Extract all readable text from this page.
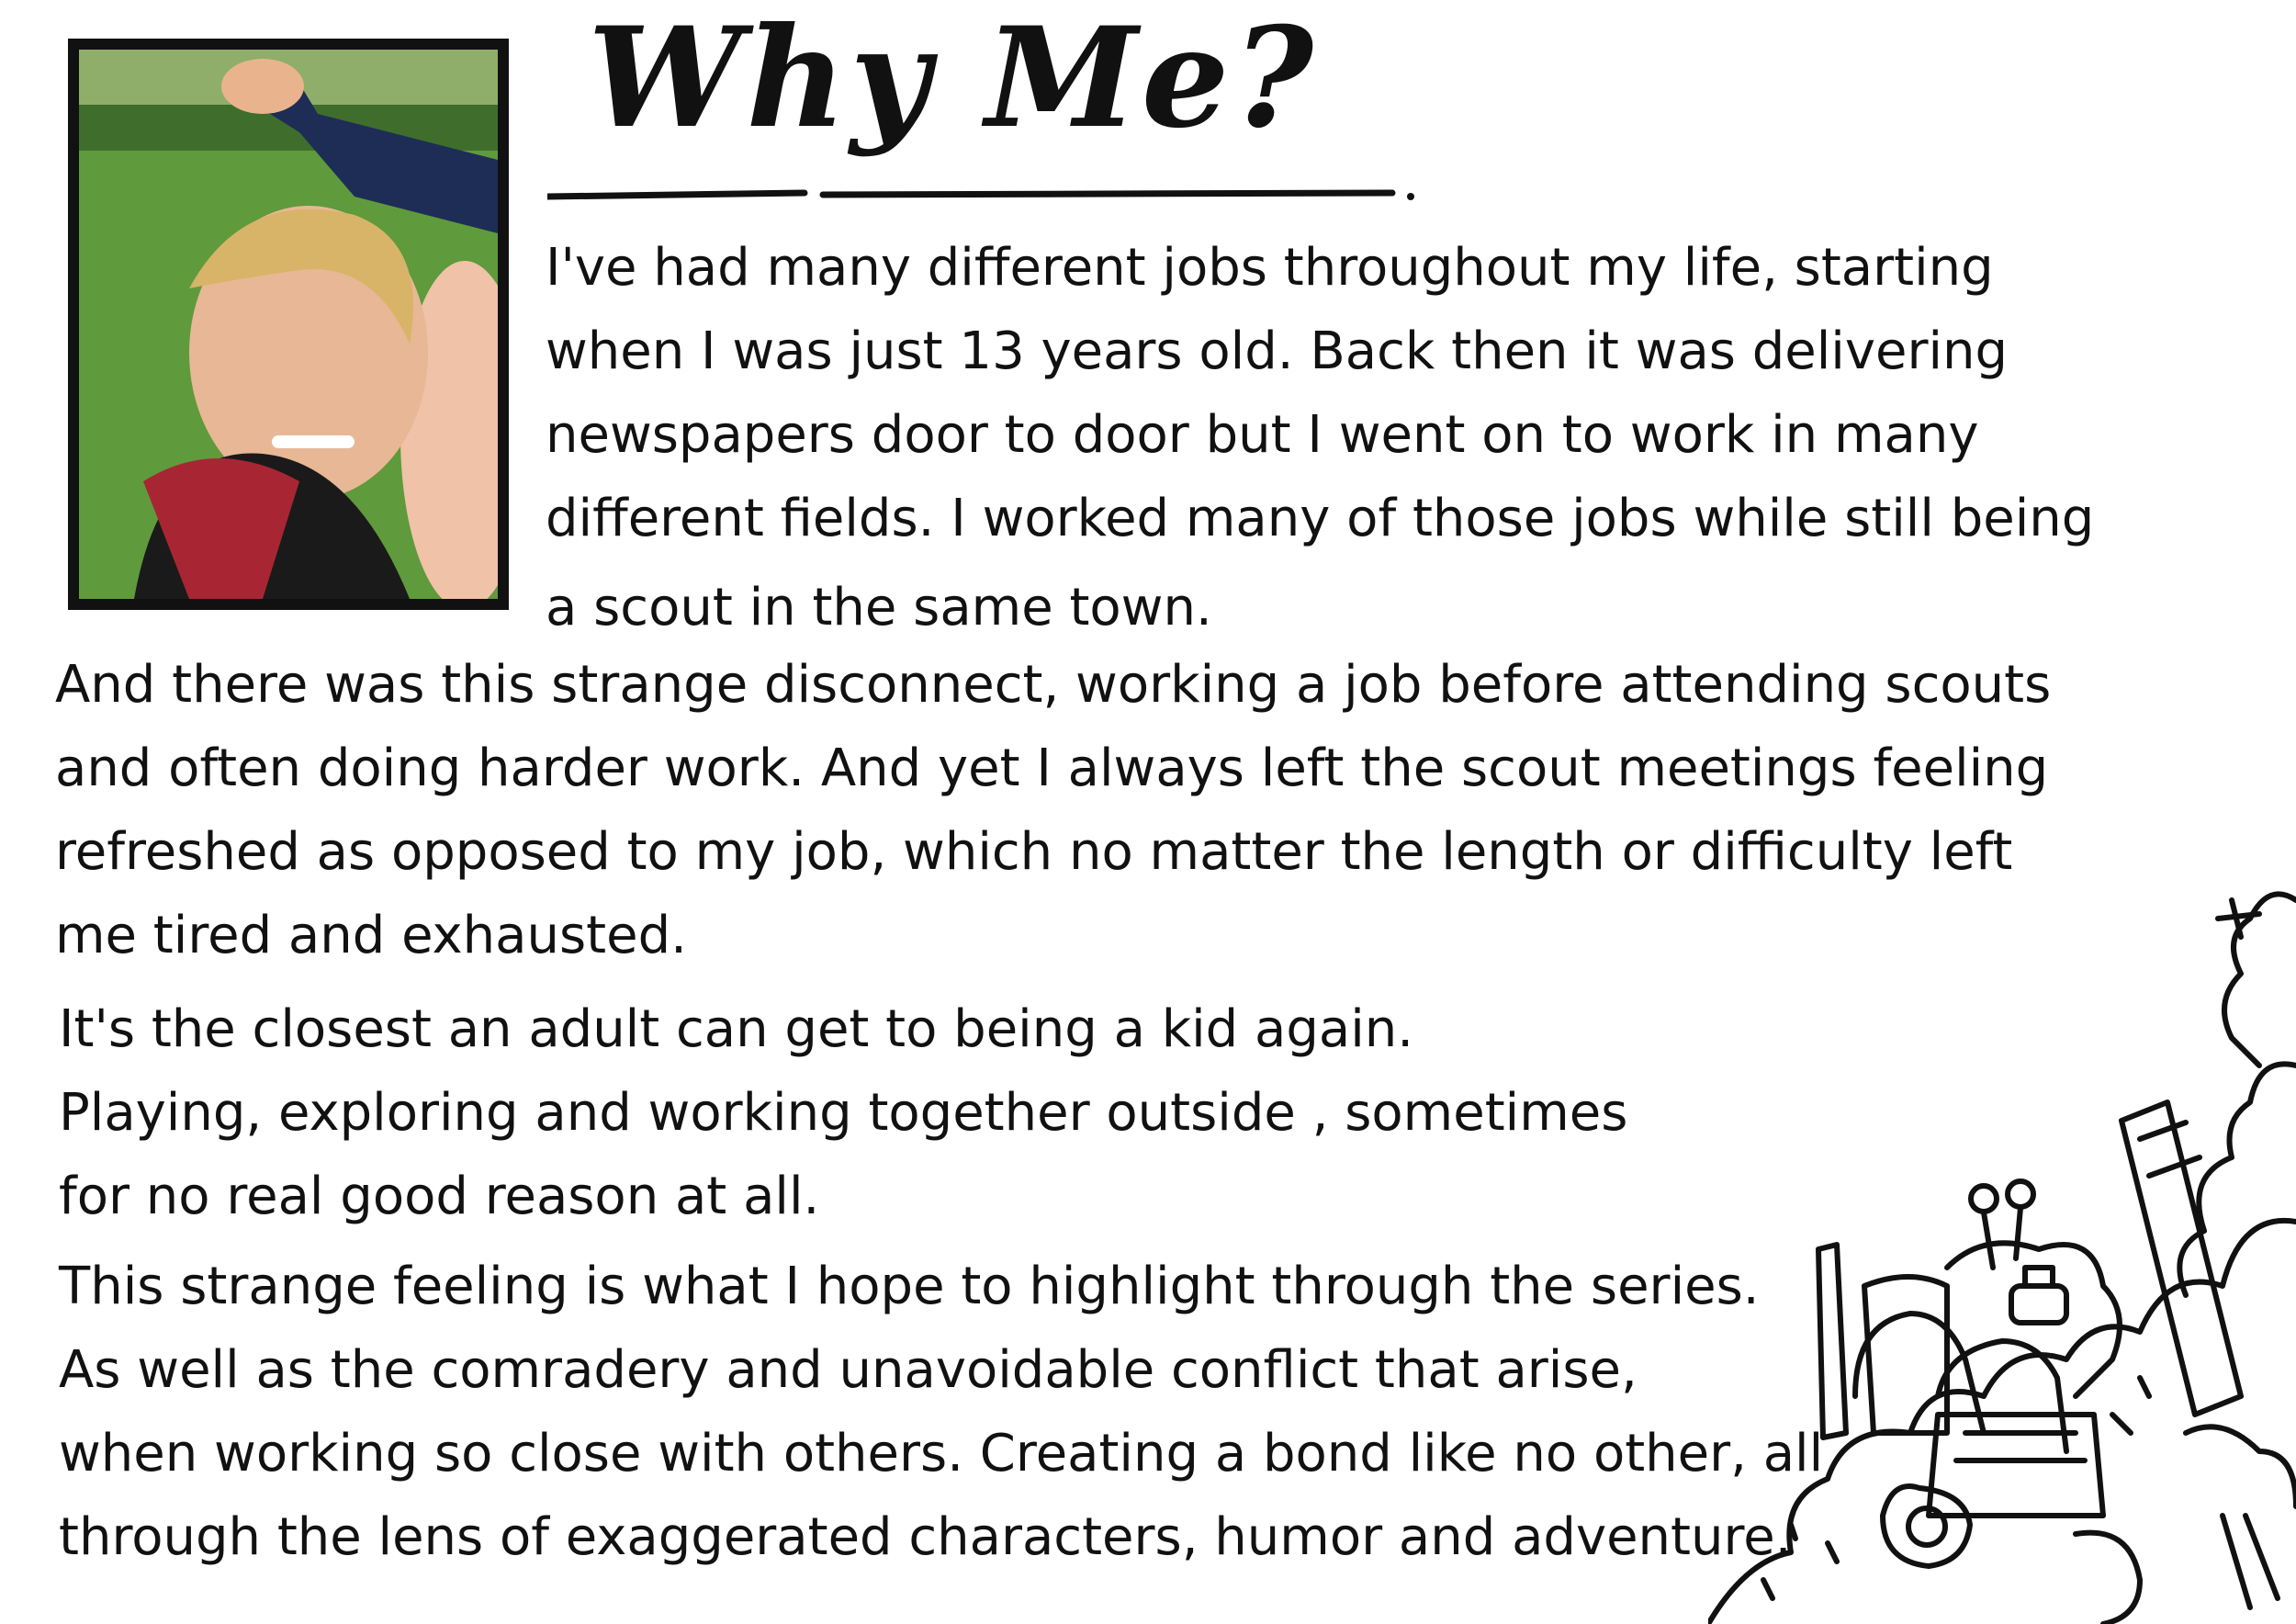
Why Me?
I've had many different jobs throughout my life, starting
when I was just 13 years old. Back then it was delivering
newspapers door to door but I went on to work in many
different fields. I worked many of those jobs while still being
a scout in the same town.
And there was this strange disconnect, working a job before attending scouts
and often doing harder work. And yet I always left the scout meetings feeling
refreshed as opposed to my job, which no matter the length or difficulty left
me tired and exhausted.
It's the closest an adult can get to being a kid again.
Playing, exploring and working together outside , sometimes
for no real good reason at all.
This strange feeling is what I hope to highlight through the series.
As well as the comradery and unavoidable conflict that arise,
when working so close with others. Creating a bond like no other, all
through the lens of exaggerated characters, humor and adventure.
